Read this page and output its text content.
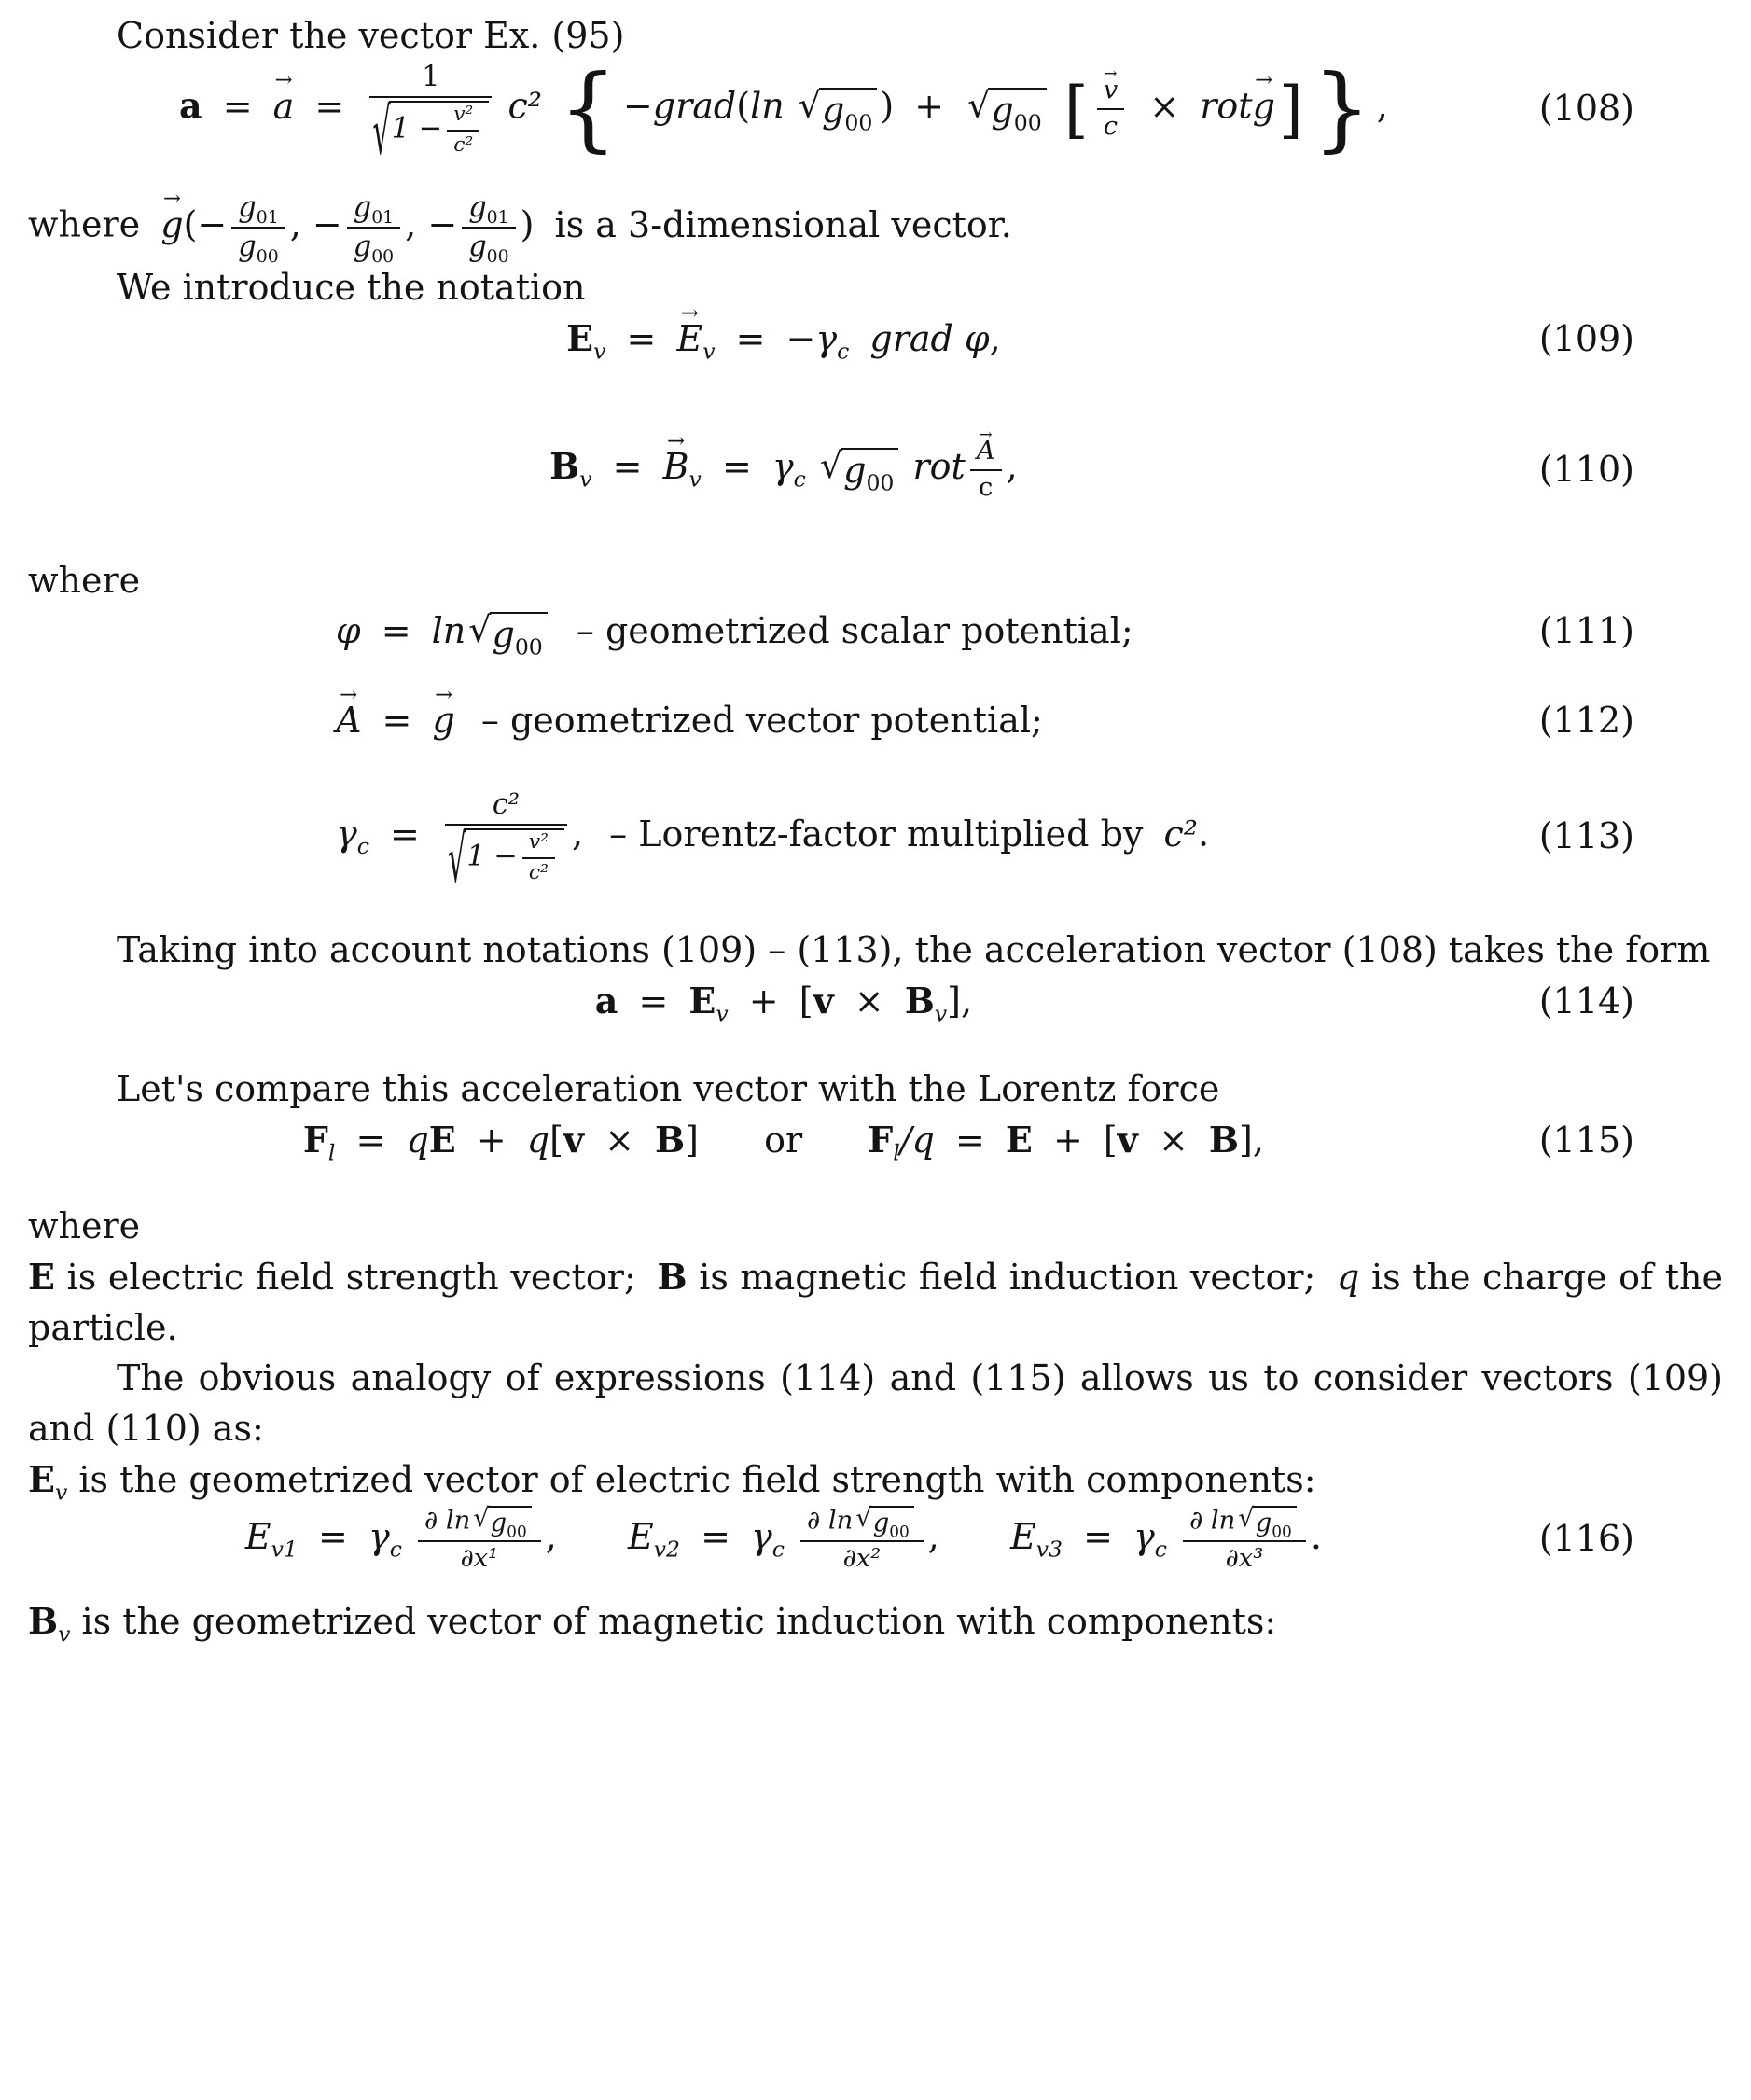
Consider the vector Ex. (95)

a = a → = $\frac{1}{√ 1 - \frac{\text{v²}}{\text{c²}}} c^2$ { −grad(ln √ $g_{00}$ ) + √ $g_{00}$ [ $\frac{v \to}{c}$ × rotg →] } ,	(108)

where g →(− $\frac{g_{01}}{g_{00}}$ , − $\frac{g_{01}}{g_{00}}$ , − $\frac{g_{01}}{g_{00}}$ ) is a 3-dimensional vector.

We introduce the notation

$E_v = E \to_v = -\gamma_c$ grad φ,	(109)
$B_v = B \to_v = \gamma_c$ √ $g_{00}$ rot $\frac{A \to}{c}$ ,	(110)

where

φ = ln √ $g_{00}$ – geometrized scalar potential;	(111)
A → = g → – geometrized vector potential;	(112)
$\gamma_c = \frac{\text{c²}}{√ 1 - \frac{\text{v²}}{\text{c²}}}$ , – Lorentz-factor multiplied by c².	(113)

Taking into account notations (109) – (113), the acceleration vector (108) takes the form

$a = E_v + [v \times B_v]$,	(114)

Let's compare this acceleration vector with the Lorentz force

$F_l$ = qE + q[v × B] or $F_l/q = E + [v \times B]$,	(115)

where

E is electric field strength vector; B is magnetic field induction vector; q is the charge of the particle.

The obvious analogy of expressions (114) and (115) allows us to consider vectors (109) and (110) as:

$E_v$ is the geometrized vector of electric field strength with components:

$E_{v1} = \gamma_c \frac{\partial \ln √ g_{00}}{\text{∂x¹}}$ , $E_{v2} = \gamma_c \frac{\partial \ln √ g_{00}}{\text{∂x²}}$ , $E_{v3} = \gamma_c \frac{\partial \ln √ g_{00}}{\text{∂x³}}$ .	(116)

$B_v$ is the geometrized vector of magnetic induction with components:
